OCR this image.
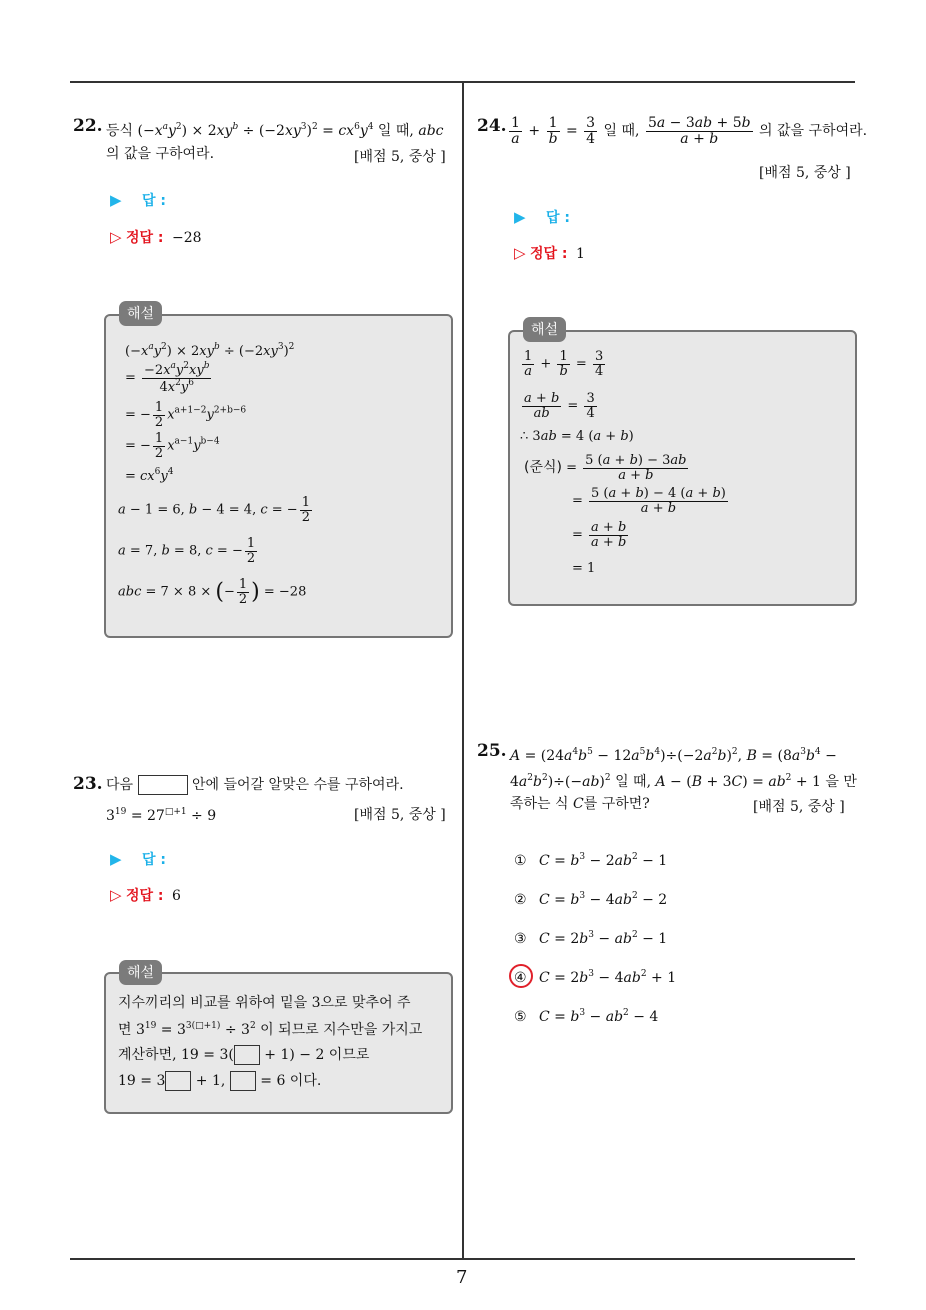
7
22. 등식 $(-x^ay^2) \times 2xy^b \div (-2xy^3)^2 = cx^6y^4$ 일 때, abc
의 값을 구하여라.	[배점 5, 중상 ]
▶ 답 :
▷ 정답 : −28
해설
$(-x^ay^2) \times 2xy^b \div (-2xy^3)^2$
= $\frac{-2x^ay^2xy^b}{4x^2y^6}$
= − $\frac{1}{2} x^{a+1-2}y^{2+b-6}$
= − $\frac{1}{2} x^{a-1}y^{b-4}$
= $cx^6y^4$
a − 1 = 6, b − 4 = 4, c = − $\frac{1}{2}$
a = 7, b = 8, c = − $\frac{1}{2}$
abc = 7 × 8 × (− $\frac{1}{2}$ ) = −28
23. 다음	안에 들어갈 알맞은 수를 구하여라.
$3^{19} = 27^{□+1} \div 9$	[배점 5, 중상 ]
▶ 답 :
▷ 정답 : 6
해설
지수끼리의 비교를 위하여 밑을 3으로 맞추어 주
면 $3^{19} = 3^{3(□+1)} \div 3^2$ 이 되므로 지수만을 가지고
계산하면, 19 = 3( + 1) − 2 이므로
19 = 3 + 1,  = 6 이다.
24. $\frac{1}{a} + \frac{1}{b} = \frac{3}{4}$ 일 때, $\frac{5a - 3ab + 5b}{a + b}$ 의 값을 구하여라.
[배점 5, 중상 ]
▶ 답 :
▷ 정답 : 1
해설
$\frac{1}{a} + \frac{1}{b} = \frac{3}{4}$
$\frac{a + b}{ab} = \frac{3}{4}$
∴ 3ab = 4 (a + b)
(준식) = $\frac{5 (a + b) - 3ab}{a + b}$
= $\frac{5 (a + b) - 4 (a + b)}{a + b}$
= $\frac{a + b}{a + b}$
= 1
25. $A = (24a^4b^5 - 12a^5b^4)\div(-2a^2b)^2$, $B = (8a^3b^4$ −
$4a^2b^2)\div(-ab)^2$ 일 때, $A - (B + 3C) = ab^2 + 1$ 을 만
족하는 식 C를 구하면?	[배점 5, 중상 ]
① $C = b^3 - 2ab^2 - 1$
② $C = b^3 - 4ab^2 - 2$
③ $C = 2b^3 - ab^2 - 1$
④ $C = 2b^3 - 4ab^2 + 1$
⑤ $C = b^3 - ab^2 - 4$
